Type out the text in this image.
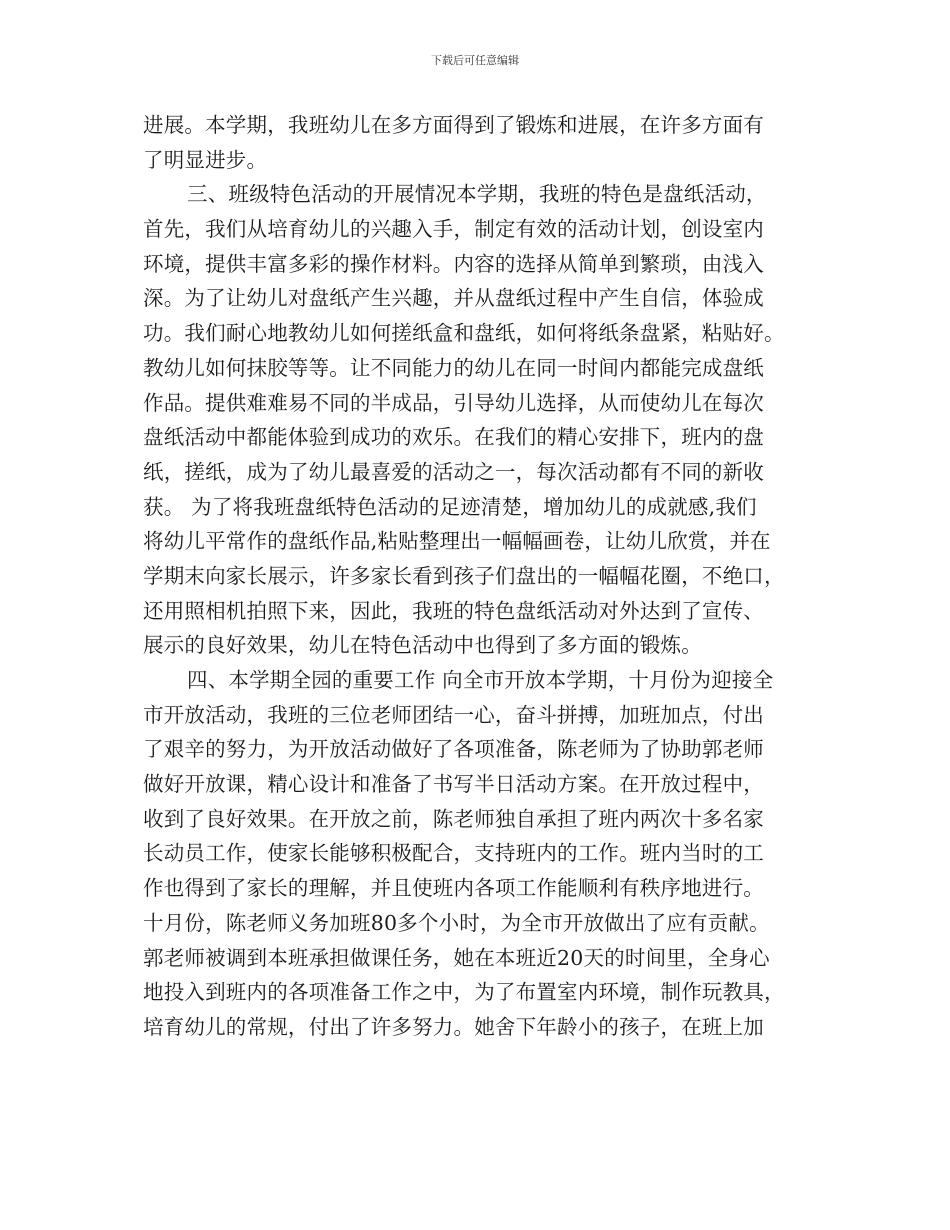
下载后可任意编辑
进展。本学期，我班幼儿在多方面得到了锻炼和进展，在许多方面有
了明显进步。
三、班级特色活动的开展情况本学期，我班的特色是盘纸活动，
首先，我们从培育幼儿的兴趣入手，制定有效的活动计划，创设室内
环境，提供丰富多彩的操作材料。内容的选择从简单到繁琐，由浅入
深。为了让幼儿对盘纸产生兴趣，并从盘纸过程中产生自信，体验成
功。我们耐心地教幼儿如何搓纸盒和盘纸，如何将纸条盘紧，粘贴好。
教幼儿如何抹胶等等。让不同能力的幼儿在同一时间内都能完成盘纸
作品。提供难难易不同的半成品，引导幼儿选择，从而使幼儿在每次
盘纸活动中都能体验到成功的欢乐。在我们的精心安排下，班内的盘
纸，搓纸，成为了幼儿最喜爱的活动之一，每次活动都有不同的新收
获。 为了将我班盘纸特色活动的足迹清楚，增加幼儿的成就感,我们
将幼儿平常作的盘纸作品,粘贴整理出一幅幅画卷，让幼儿欣赏，并在
学期末向家长展示，许多家长看到孩子们盘出的一幅幅花圈，不绝口，
还用照相机拍照下来，因此，我班的特色盘纸活动对外达到了宣传、
展示的良好效果，幼儿在特色活动中也得到了多方面的锻炼。
四、本学期全园的重要工作 向全市开放本学期，十月份为迎接全
市开放活动，我班的三位老师团结一心，奋斗拼搏，加班加点，付出
了艰辛的努力，为开放活动做好了各项准备，陈老师为了协助郭老师
做好开放课，精心设计和准备了书写半日活动方案。在开放过程中，
收到了良好效果。在开放之前，陈老师独自承担了班内两次十多名家
长动员工作，使家长能够积极配合，支持班内的工作。班内当时的工
作也得到了家长的理解，并且使班内各项工作能顺利有秩序地进行。
十月份，陈老师义务加班80多个小时，为全市开放做出了应有贡献。
郭老师被调到本班承担做课任务，她在本班近20天的时间里，全身心
地投入到班内的各项准备工作之中，为了布置室内环境，制作玩教具，
培育幼儿的常规，付出了许多努力。她舍下年龄小的孩子，在班上加
